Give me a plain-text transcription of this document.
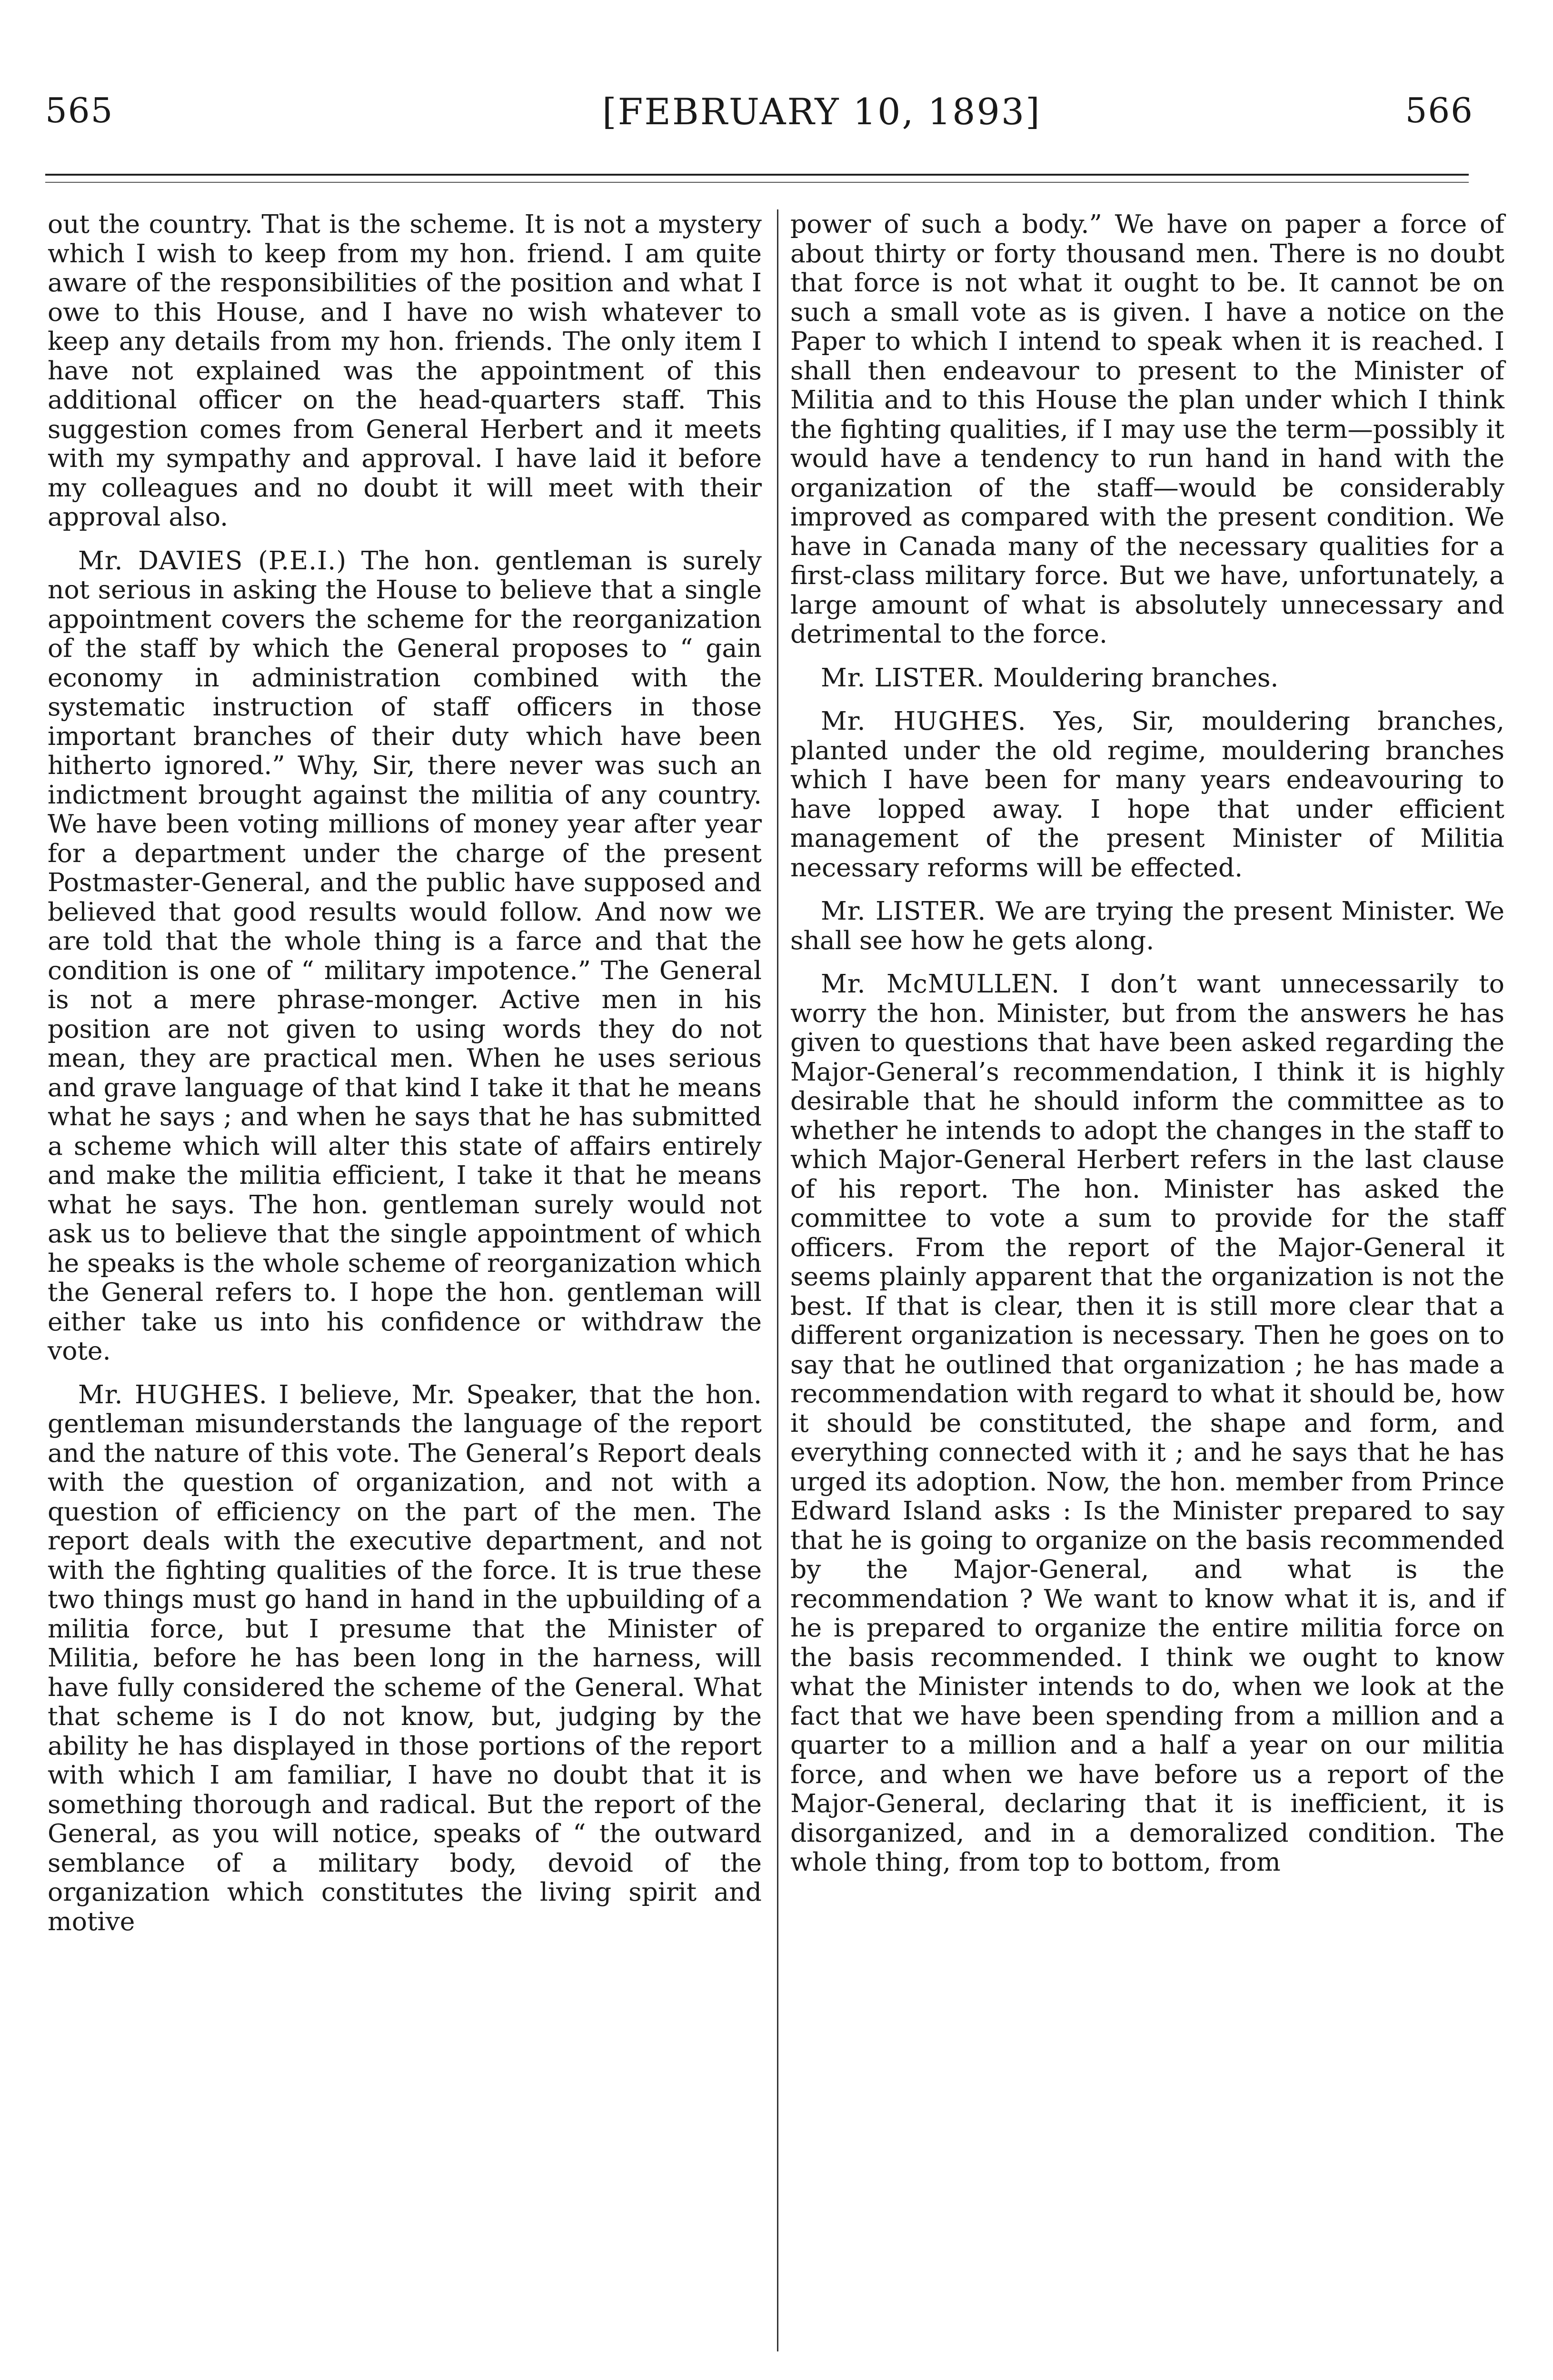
565	[FEBRUARY 10, 1893]	566

out the country. That is the scheme. It is not a mystery which I wish to keep from my hon. friend. I am quite aware of the responsibilities of the position and what I owe to this House, and I have no wish whatever to keep any details from my hon. friends. The only item I have not explained was the appointment of this additional officer on the head-quarters staff. This suggestion comes from General Herbert and it meets with my sympathy and approval. I have laid it before my colleagues and no doubt it will meet with their approval also.

Mr. DAVIES (P.E.I.) The hon. gentleman is surely not serious in asking the House to believe that a single appointment covers the scheme for the reorganization of the staff by which the General proposes to “ gain economy in administration combined with the systematic instruction of staff officers in those important branches of their duty which have been hitherto ignored.” Why, Sir, there never was such an indictment brought against the militia of any country. We have been voting millions of money year after year for a department under the charge of the present Postmaster-General, and the public have supposed and believed that good results would follow. And now we are told that the whole thing is a farce and that the condition is one of “ military impotence.” The General is not a mere phrase-monger. Active men in his position are not given to using words they do not mean, they are practical men. When he uses serious and grave language of that kind I take it that he means what he says ; and when he says that he has submitted a scheme which will alter this state of affairs entirely and make the militia efficient, I take it that he means what he says. The hon. gentleman surely would not ask us to believe that the single appointment of which he speaks is the whole scheme of reorganization which the General refers to. I hope the hon. gentleman will either take us into his confidence or withdraw the vote.

Mr. HUGHES. I believe, Mr. Speaker, that the hon. gentleman misunderstands the language of the report and the nature of this vote. The General’s Report deals with the question of organization, and not with a question of efficiency on the part of the men. The report deals with the executive department, and not with the fighting qualities of the force. It is true these two things must go hand in hand in the upbuilding of a militia force, but I presume that the Minister of Militia, before he has been long in the harness, will have fully considered the scheme of the General. What that scheme is I do not know, but, judging by the ability he has displayed in those portions of the report with which I am familiar, I have no doubt that it is something thorough and radical. But the report of the General, as you will notice, speaks of “ the outward semblance of a military body, devoid of the organization which constitutes the living spirit and motive

power of such a body.” We have on paper a force of about thirty or forty thousand men. There is no doubt that force is not what it ought to be. It cannot be on such a small vote as is given. I have a notice on the Paper to which I intend to speak when it is reached. I shall then endeavour to present to the Minister of Militia and to this House the plan under which I think the fighting qualities, if I may use the term—possibly it would have a tendency to run hand in hand with the organization of the staff—would be considerably improved as compared with the present condition. We have in Canada many of the necessary qualities for a first-class military force. But we have, unfortunately, a large amount of what is absolutely unnecessary and detrimental to the force.

Mr. LISTER. Mouldering branches.

Mr. HUGHES. Yes, Sir, mouldering branches, planted under the old regime, mouldering branches which I have been for many years endeavouring to have lopped away. I hope that under efficient management of the present Minister of Militia necessary reforms will be effected.

Mr. LISTER. We are trying the present Minister. We shall see how he gets along.

Mr. McMULLEN. I don’t want unnecessarily to worry the hon. Minister, but from the answers he has given to questions that have been asked regarding the Major-General’s recommendation, I think it is highly desirable that he should inform the committee as to whether he intends to adopt the changes in the staff to which Major-General Herbert refers in the last clause of his report. The hon. Minister has asked the committee to vote a sum to provide for the staff officers. From the report of the Major-General it seems plainly apparent that the organization is not the best. If that is clear, then it is still more clear that a different organization is necessary. Then he goes on to say that he outlined that organization ; he has made a recommendation with regard to what it should be, how it should be constituted, the shape and form, and everything connected with it ; and he says that he has urged its adoption. Now, the hon. member from Prince Edward Island asks : Is the Minister prepared to say that he is going to organize on the basis recommended by the Major-General, and what is the recommendation ? We want to know what it is, and if he is prepared to organize the entire militia force on the basis recommended. I think we ought to know what the Minister intends to do, when we look at the fact that we have been spending from a million and a quarter to a million and a half a year on our militia force, and when we have before us a report of the Major-General, declaring that it is inefficient, it is disorganized, and in a demoralized condition. The whole thing, from top to bottom, from
